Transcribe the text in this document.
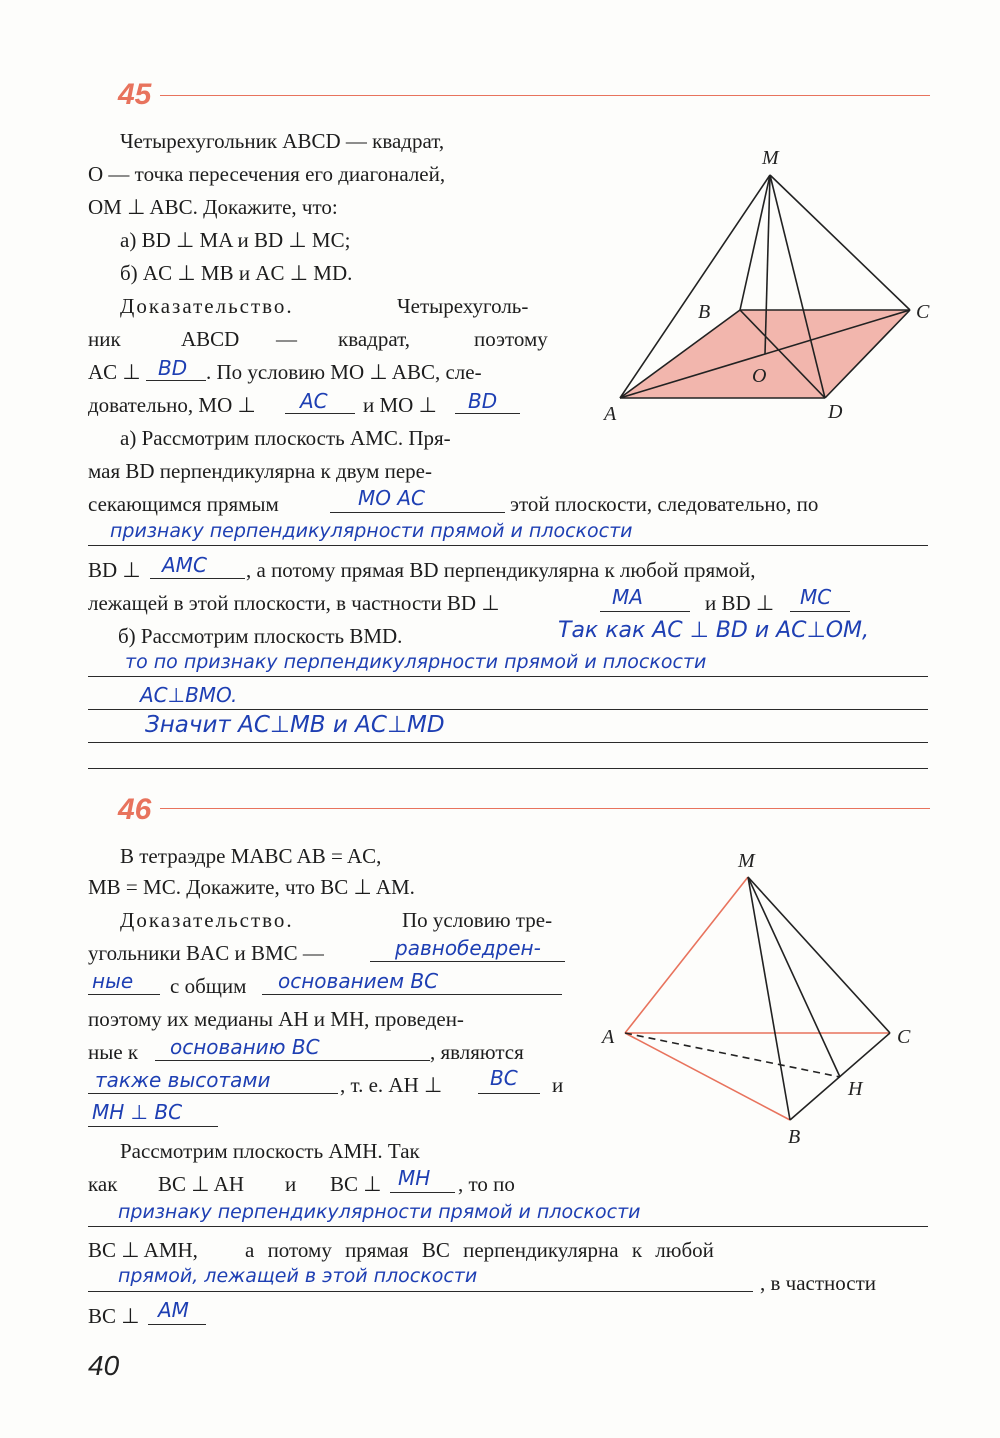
45
Четырехугольник ABCD — квадрат,
O — точка пересечения его диагоналей,
OM ⊥ ABC. Докажите, что:
а) BD ⊥ MA и BD ⊥ MC;
б) AC ⊥ MB и AC ⊥ MD.
Доказательство.	Четырехуголь-
ник	ABCD — квадрат,	поэтому
AC ⊥ BD . По условию MO ⊥ ABC, сле-
довательно, MO ⊥ AC и MO ⊥ BD
а) Рассмотрим плоскость AMC. Пря-
мая BD перпендикулярна к двум пере-
секающимся прямым	MO AC	этой плоскости, следовательно, по
признаку перпендикулярности прямой и плоскости
BD ⊥ AMC , а потому прямая BD перпендикулярна к любой прямой,
лежащей в этой плоскости, в частности BD ⊥	MA	и BD ⊥ MC
б) Рассмотрим плоскость BMD.	Так как AC ⊥ BD и AC⊥OM,
то по признаку перпендикулярности прямой и плоскости
AC⊥BMO.
Значит AC⊥MB и AC⊥MD
M
B	C
O
A	D
46
В тетраэдре MABC AB = AC,
MB = MC. Докажите, что BC ⊥ AM.
Доказательство.	По условию тре-
угольники BAC и BMC —	равнобедрен-
ные с общим основанием BC
поэтому их медианы AH и MH, проведен-
ные к основанию BC	, являются
также высотами	, т. е. AH ⊥ BC и
MH ⊥ BC
Рассмотрим плоскость AMH. Так
как BC ⊥ AH и BC ⊥ MH , то по
признаку перпендикулярности прямой и плоскости
BC ⊥ AMH, а потому прямая BC перпендикулярна к любой
прямой, лежащей в этой плоскости	, в частности
BC ⊥ AM
M
A	C
H
B
40
